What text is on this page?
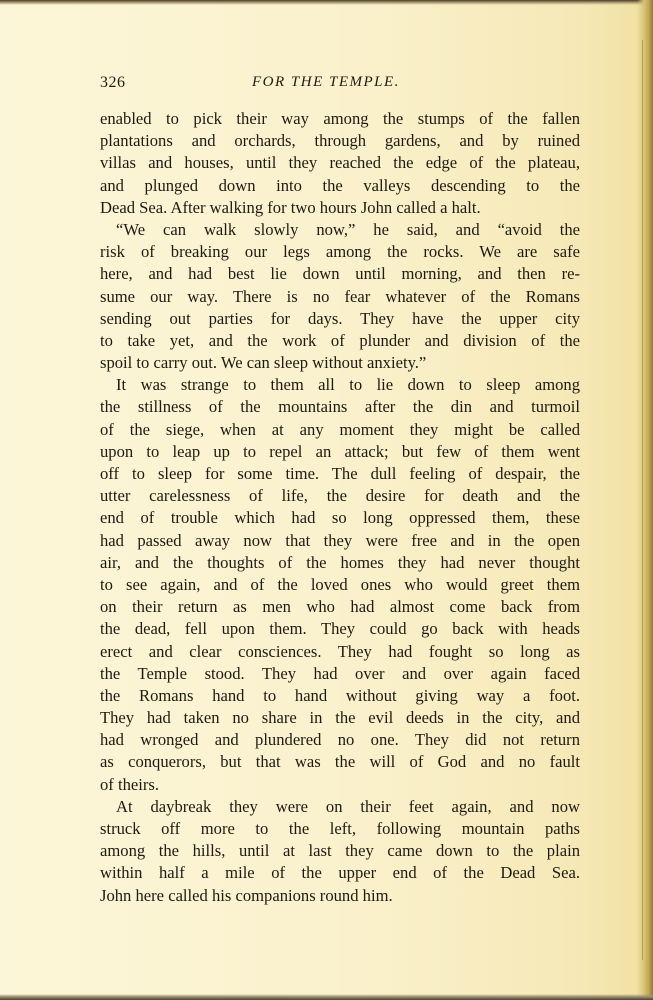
326	FOR THE TEMPLE.
enabled to pick their way among the stumps of the fallen
plantations and orchards, through gardens, and by ruined
villas and houses, until they reached the edge of the plateau,
and plunged down into the valleys descending to the
Dead Sea. After walking for two hours John called a halt.
“We can walk slowly now,” he said, and “avoid the
risk of breaking our legs among the rocks. We are safe
here, and had best lie down until morning, and then re-
sume our way. There is no fear whatever of the Romans
sending out parties for days. They have the upper city
to take yet, and the work of plunder and division of the
spoil to carry out. We can sleep without anxiety.”
It was strange to them all to lie down to sleep among
the stillness of the mountains after the din and turmoil
of the siege, when at any moment they might be called
upon to leap up to repel an attack; but few of them went
off to sleep for some time. The dull feeling of despair, the
utter carelessness of life, the desire for death and the
end of trouble which had so long oppressed them, these
had passed away now that they were free and in the open
air, and the thoughts of the homes they had never thought
to see again, and of the loved ones who would greet them
on their return as men who had almost come back from
the dead, fell upon them. They could go back with heads
erect and clear consciences. They had fought so long as
the Temple stood. They had over and over again faced
the Romans hand to hand without giving way a foot.
They had taken no share in the evil deeds in the city, and
had wronged and plundered no one. They did not return
as conquerors, but that was the will of God and no fault
of theirs.
At daybreak they were on their feet again, and now
struck off more to the left, following mountain paths
among the hills, until at last they came down to the plain
within half a mile of the upper end of the Dead Sea.
John here called his companions round him.
